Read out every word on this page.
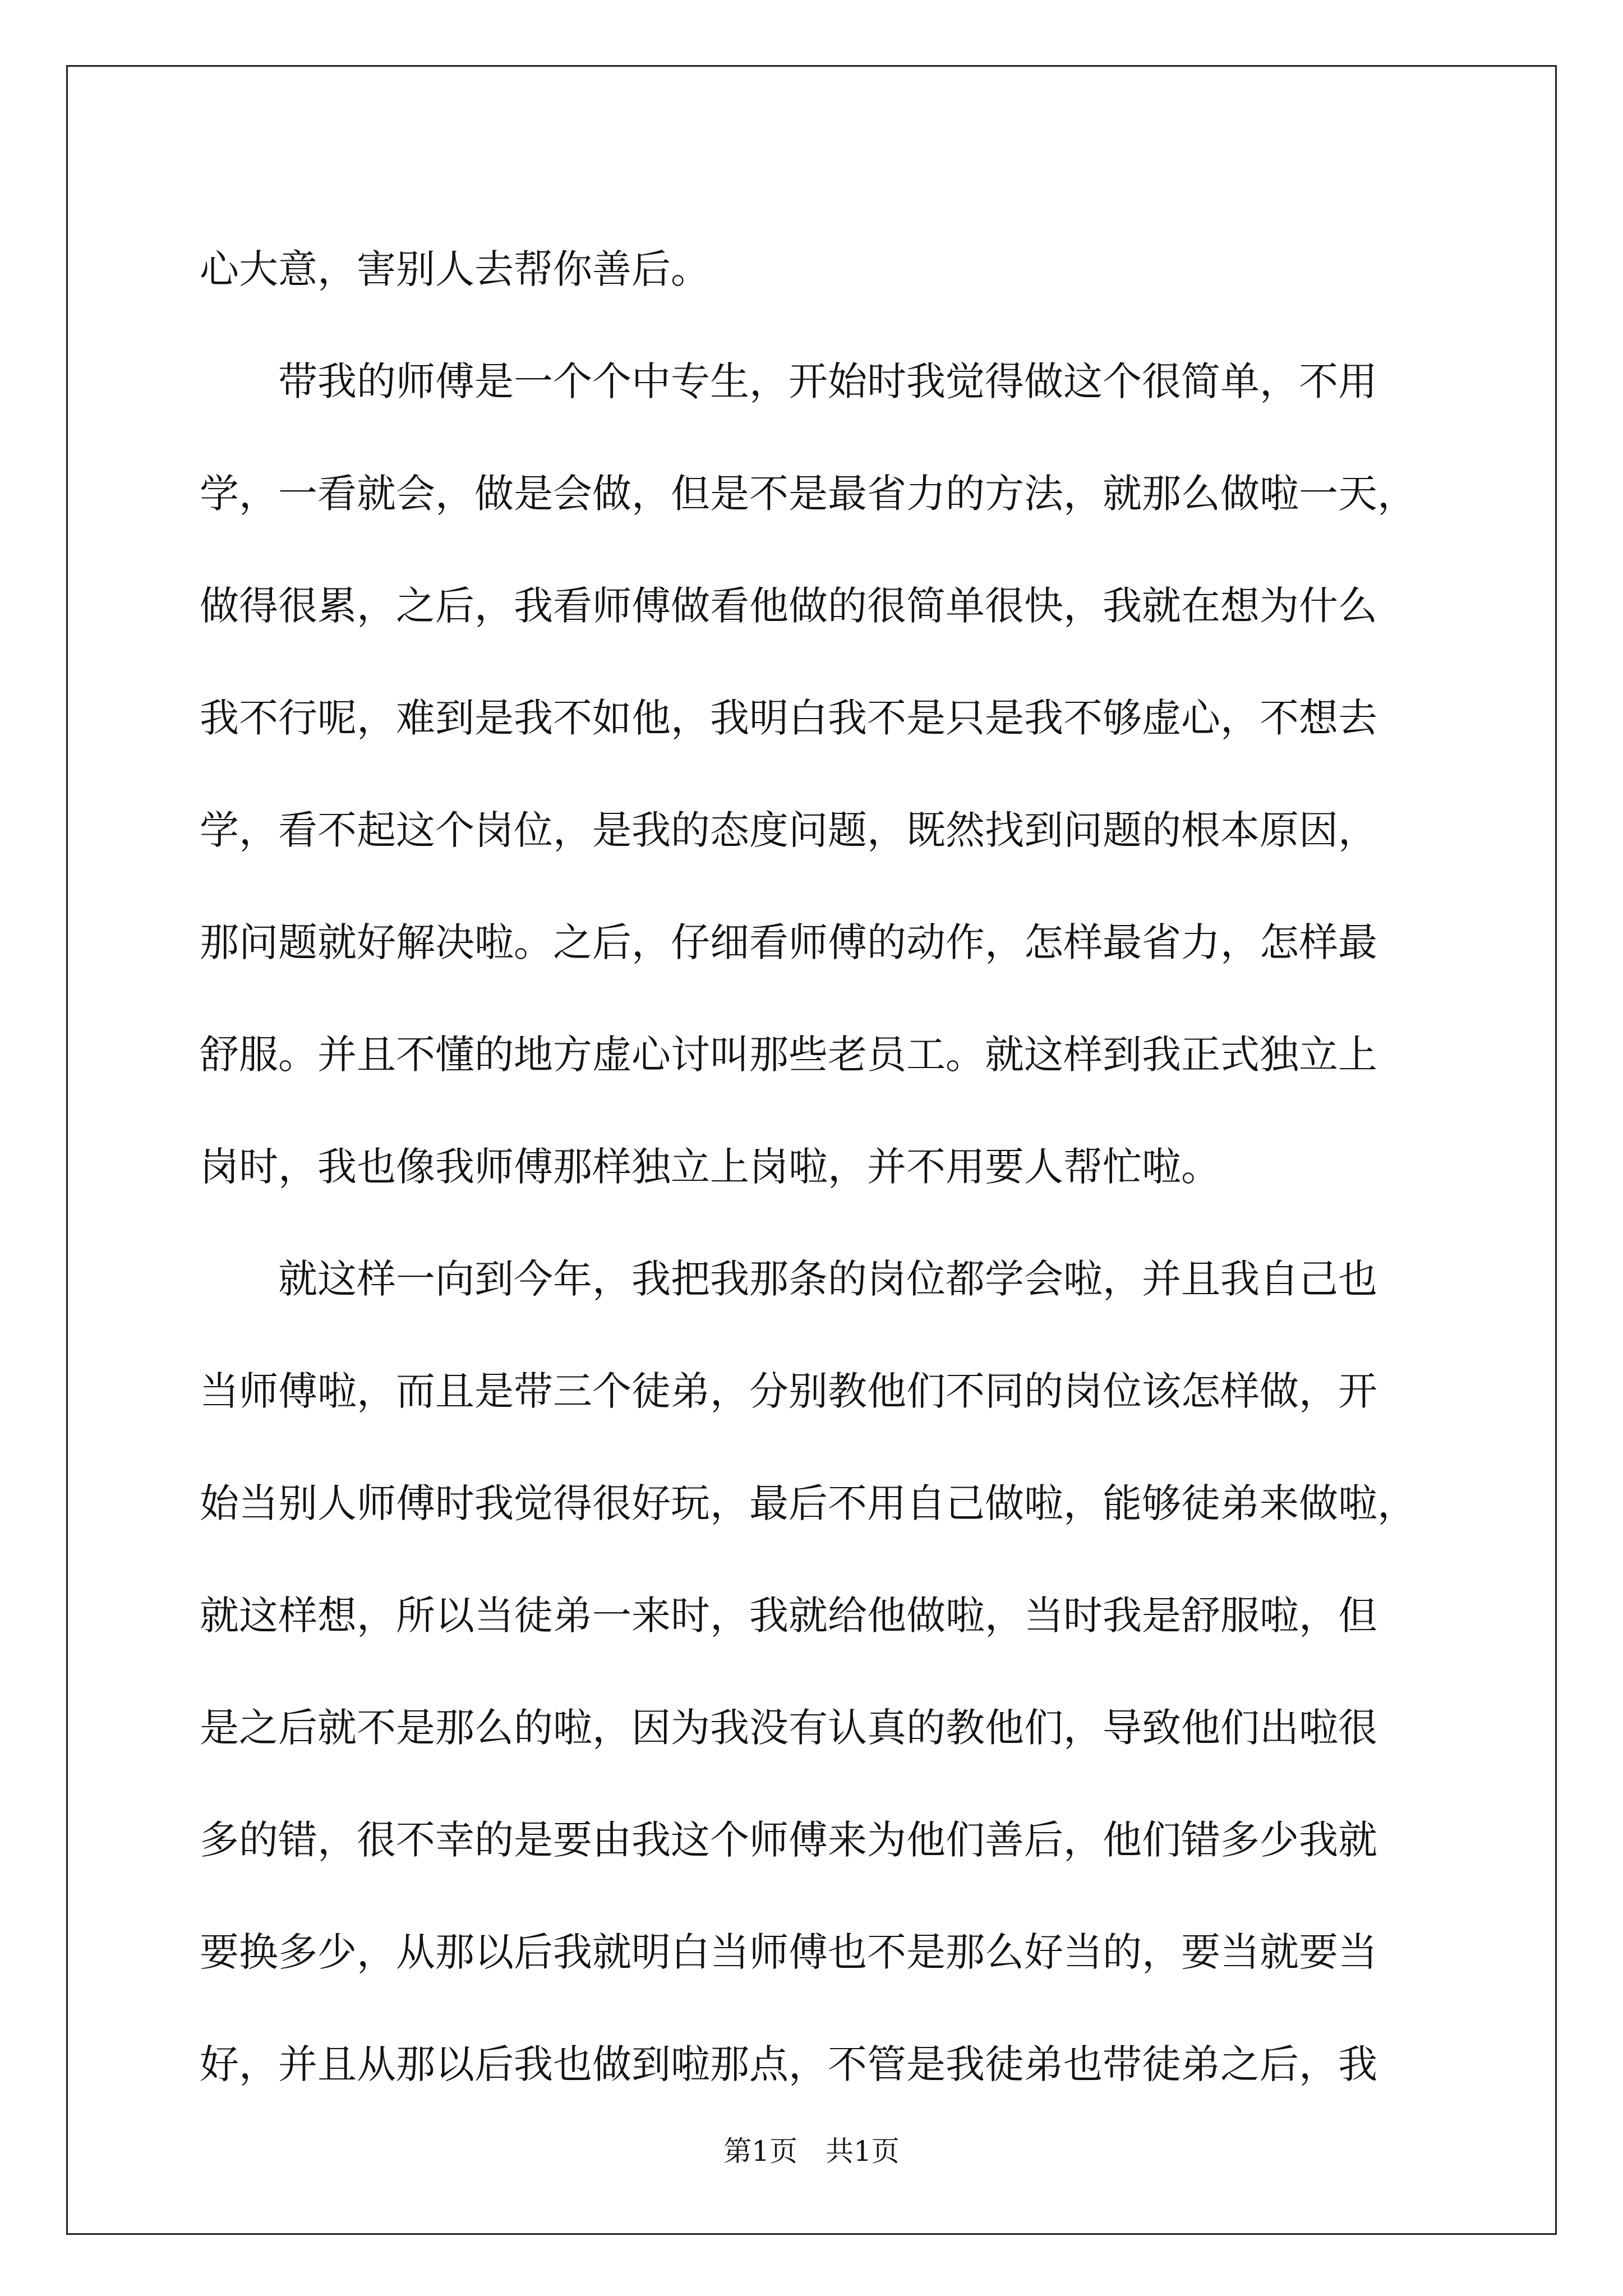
心大意，害别人去帮你善后。
　　带我的师傅是一个个中专生，开始时我觉得做这个很简单，不用
学，一看就会，做是会做，但是不是最省力的方法，就那么做啦一天，
做得很累，之后，我看师傅做看他做的很简单很快，我就在想为什么
我不行呢，难到是我不如他，我明白我不是只是我不够虚心，不想去
学，看不起这个岗位，是我的态度问题，既然找到问题的根本原因，
那问题就好解决啦。之后，仔细看师傅的动作，怎样最省力，怎样最
舒服。并且不懂的地方虚心讨叫那些老员工。就这样到我正式独立上
岗时，我也像我师傅那样独立上岗啦，并不用要人帮忙啦。
　　就这样一向到今年，我把我那条的岗位都学会啦，并且我自己也
当师傅啦，而且是带三个徒弟，分别教他们不同的岗位该怎样做，开
始当别人师傅时我觉得很好玩，最后不用自己做啦，能够徒弟来做啦，
就这样想，所以当徒弟一来时，我就给他做啦，当时我是舒服啦，但
是之后就不是那么的啦，因为我没有认真的教他们，导致他们出啦很
多的错，很不幸的是要由我这个师傅来为他们善后，他们错多少我就
要换多少，从那以后我就明白当师傅也不是那么好当的，要当就要当
好，并且从那以后我也做到啦那点，不管是我徒弟也带徒弟之后，我
第1页　共1页
